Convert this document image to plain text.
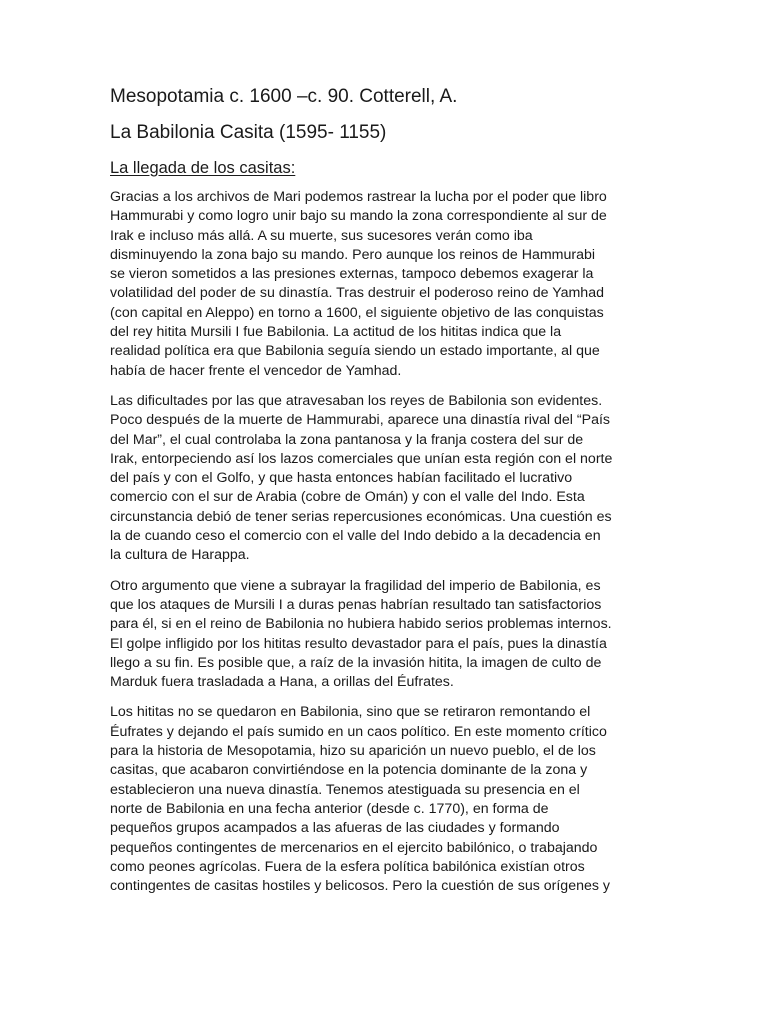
Mesopotamia c. 1600 –c. 90. Cotterell, A.
La Babilonia Casita (1595- 1155)
La llegada de los casitas:

Gracias a los archivos de Mari podemos rastrear la lucha por el poder que libro
Hammurabi y como logro unir bajo su mando la zona correspondiente al sur de
Irak e incluso más allá. A su muerte, sus sucesores verán como iba
disminuyendo la zona bajo su mando. Pero aunque los reinos de Hammurabi
se vieron sometidos a las presiones externas, tampoco debemos exagerar la
volatilidad del poder de su dinastía. Tras destruir el poderoso reino de Yamhad
(con capital en Aleppo) en torno a 1600, el siguiente objetivo de las conquistas
del rey hitita Mursili I fue Babilonia. La actitud de los hititas indica que la
realidad política era que Babilonia seguía siendo un estado importante, al que
había de hacer frente el vencedor de Yamhad.

Las dificultades por las que atravesaban los reyes de Babilonia son evidentes.
Poco después de la muerte de Hammurabi, aparece una dinastía rival del “País
del Mar”, el cual controlaba la zona pantanosa y la franja costera del sur de
Irak, entorpeciendo así los lazos comerciales que unían esta región con el norte
del país y con el Golfo, y que hasta entonces habían facilitado el lucrativo
comercio con el sur de Arabia (cobre de Omán) y con el valle del Indo. Esta
circunstancia debió de tener serias repercusiones económicas. Una cuestión es
la de cuando ceso el comercio con el valle del Indo debido a la decadencia en
la cultura de Harappa.

Otro argumento que viene a subrayar la fragilidad del imperio de Babilonia, es
que los ataques de Mursili I a duras penas habrían resultado tan satisfactorios
para él, si en el reino de Babilonia no hubiera habido serios problemas internos.
El golpe infligido por los hititas resulto devastador para el país, pues la dinastía
llego a su fin. Es posible que, a raíz de la invasión hitita, la imagen de culto de
Marduk fuera trasladada a Hana, a orillas del Éufrates.

Los hititas no se quedaron en Babilonia, sino que se retiraron remontando el
Éufrates y dejando el país sumido en un caos político. En este momento crítico
para la historia de Mesopotamia, hizo su aparición un nuevo pueblo, el de los
casitas, que acabaron convirtiéndose en la potencia dominante de la zona y
establecieron una nueva dinastía. Tenemos atestiguada su presencia en el
norte de Babilonia en una fecha anterior (desde c. 1770), en forma de
pequeños grupos acampados a las afueras de las ciudades y formando
pequeños contingentes de mercenarios en el ejercito babilónico, o trabajando
como peones agrícolas. Fuera de la esfera política babilónica existían otros
contingentes de casitas hostiles y belicosos. Pero la cuestión de sus orígenes y
